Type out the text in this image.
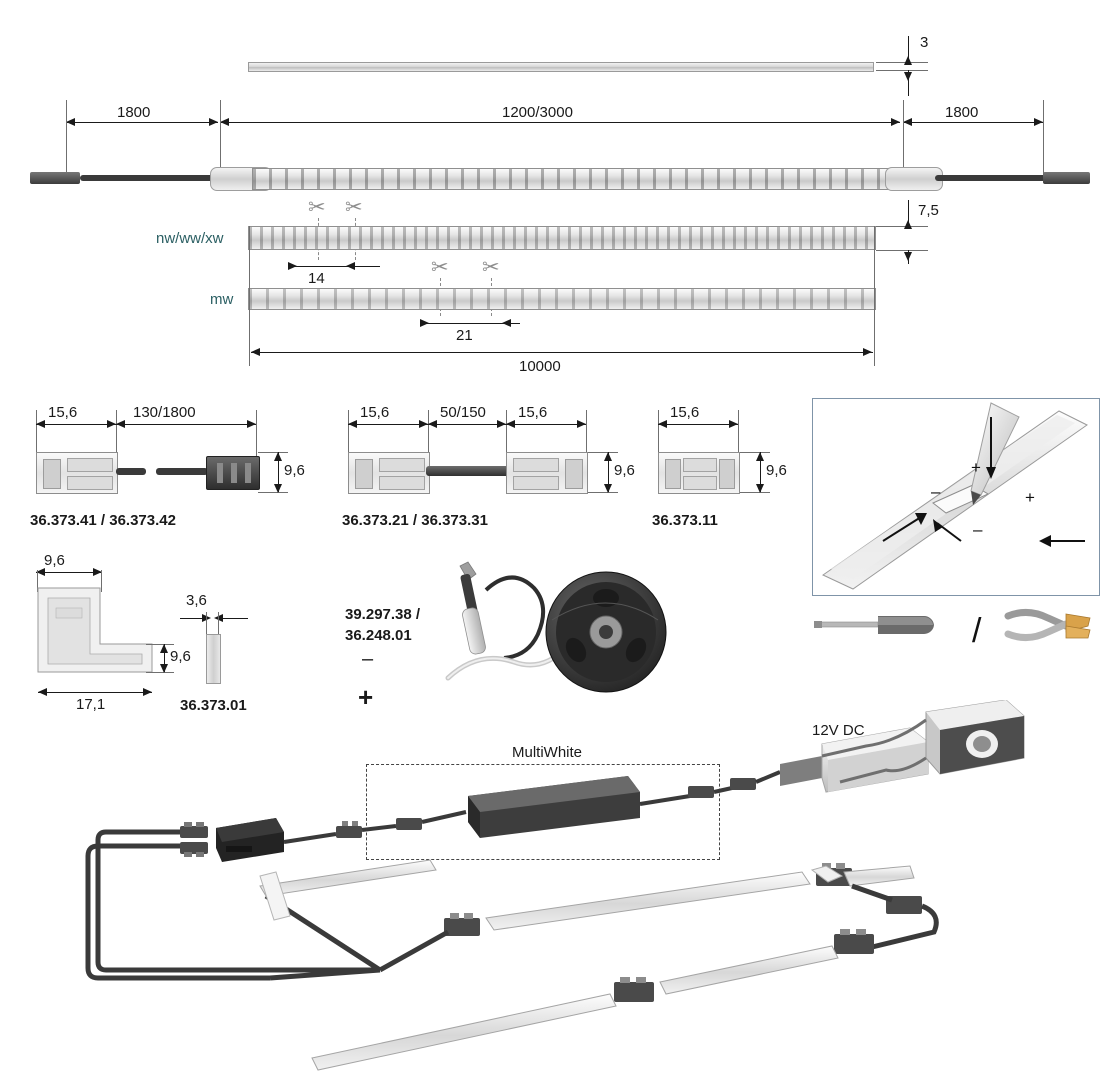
3
1800	1200/3000	1800
✂ ✂
nw/ww/xw
7,5
14	✂ ✂
mw
21
10000
15,6	130/1800
9,6
36.373.41 / 36.373.42
15,6	50/150 15,6
9,6
36.373.21 / 36.373.31
15,6
9,6
36.373.11
+
–	+
–
/
9,6
9,6
17,1
3,6
36.373.01
39.297.38 /
36.248.01
–
+
MultiWhite
12V DC
